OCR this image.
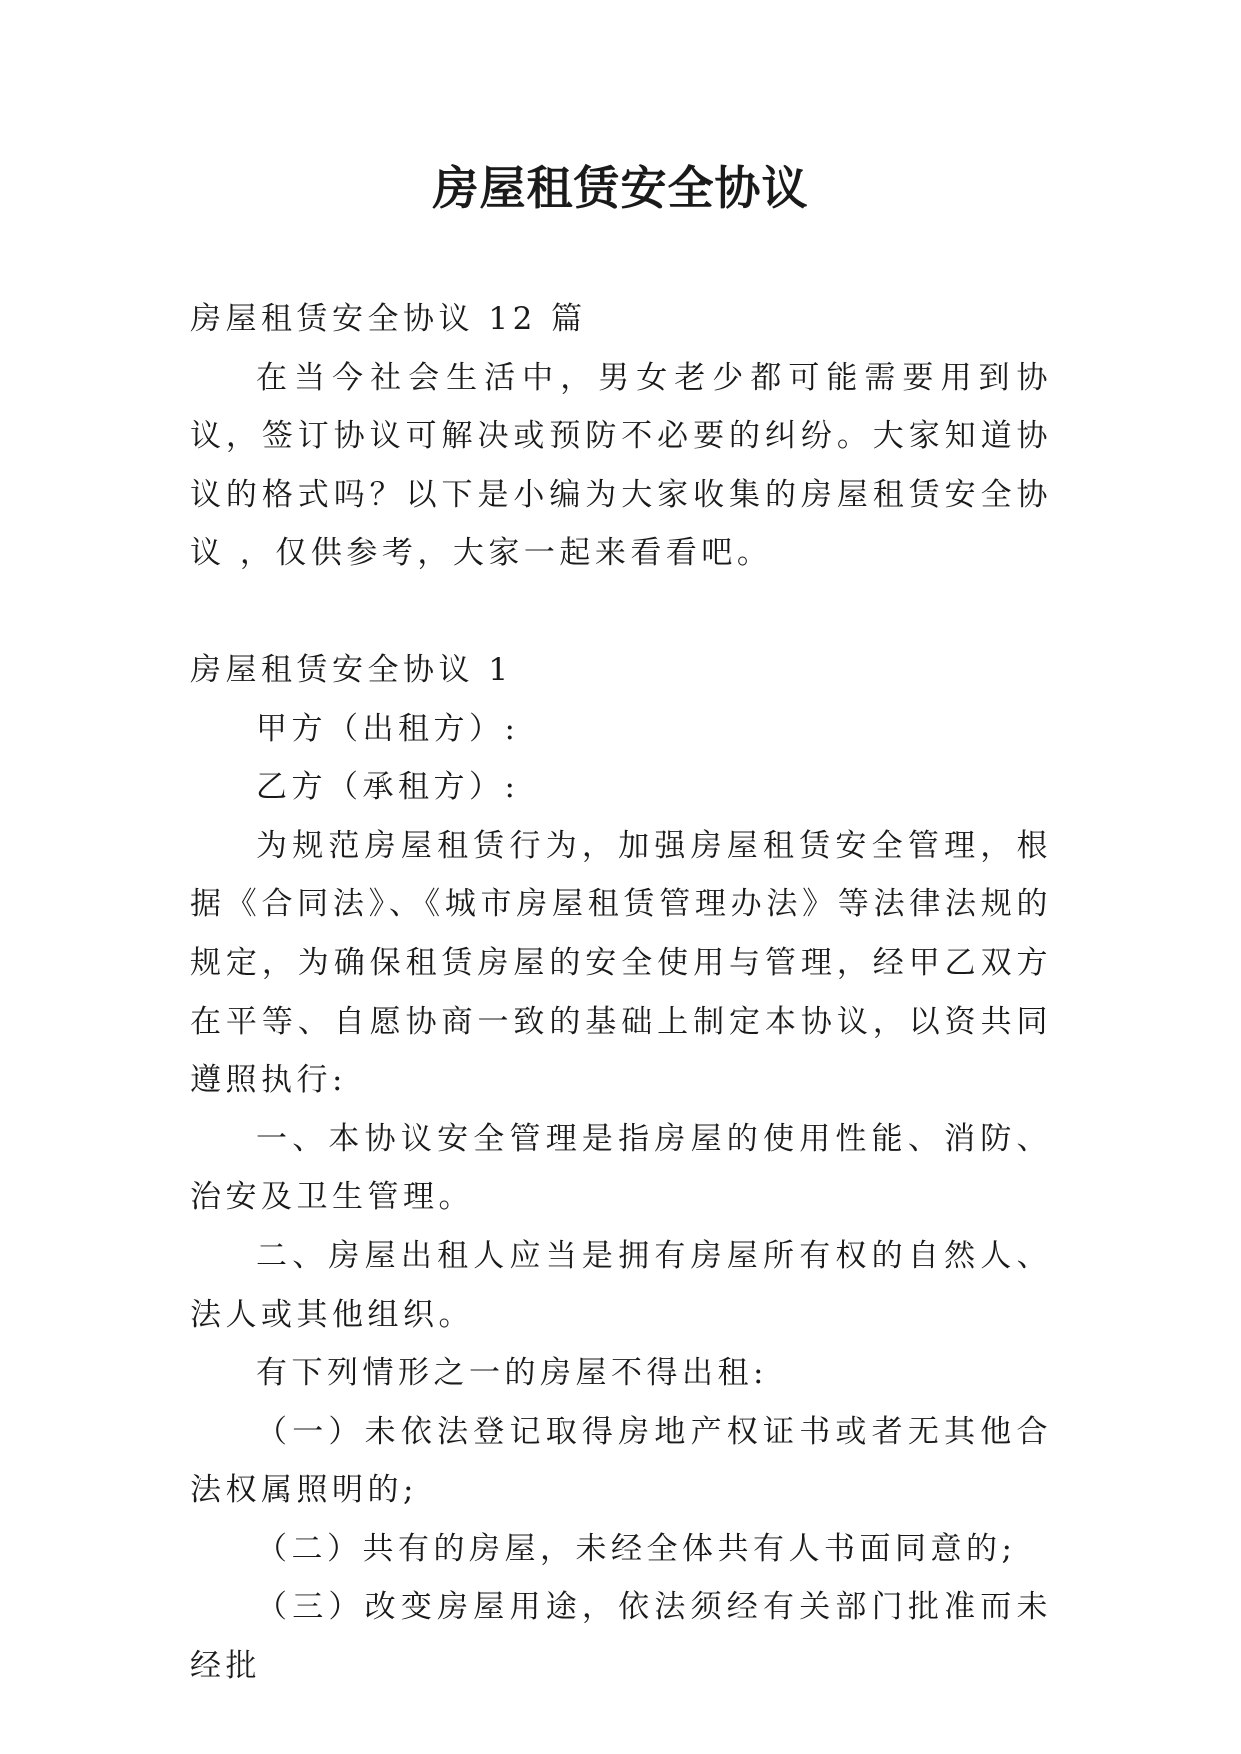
房屋租赁安全协议

房屋租赁安全协议 12 篇

在当今社会生活中，男女老少都可能需要用到协议，签订协议可解决或预防不必要的纠纷。大家知道协议的格式吗？以下是小编为大家收集的房屋租赁安全协议 ，仅供参考，大家一起来看看吧。

房屋租赁安全协议 1

甲方（出租方）:

乙方（承租方）:

为规范房屋租赁行为，加强房屋租赁安全管理，根据《合同法》、《城市房屋租赁管理办法》等法律法规的规定，为确保租赁房屋的安全使用与管理，经甲乙双方在平等、自愿协商一致的基础上制定本协议，以资共同遵照执行:

一、本协议安全管理是指房屋的使用性能、消防、治安及卫生管理。

二、房屋出租人应当是拥有房屋所有权的自然人、法人或其他组织。

有下列情形之一的房屋不得出租:

（一）未依法登记取得房地产权证书或者无其他合法权属照明的;

（二）共有的房屋，未经全体共有人书面同意的;

（三）改变房屋用途，依法须经有关部门批准而未经批
